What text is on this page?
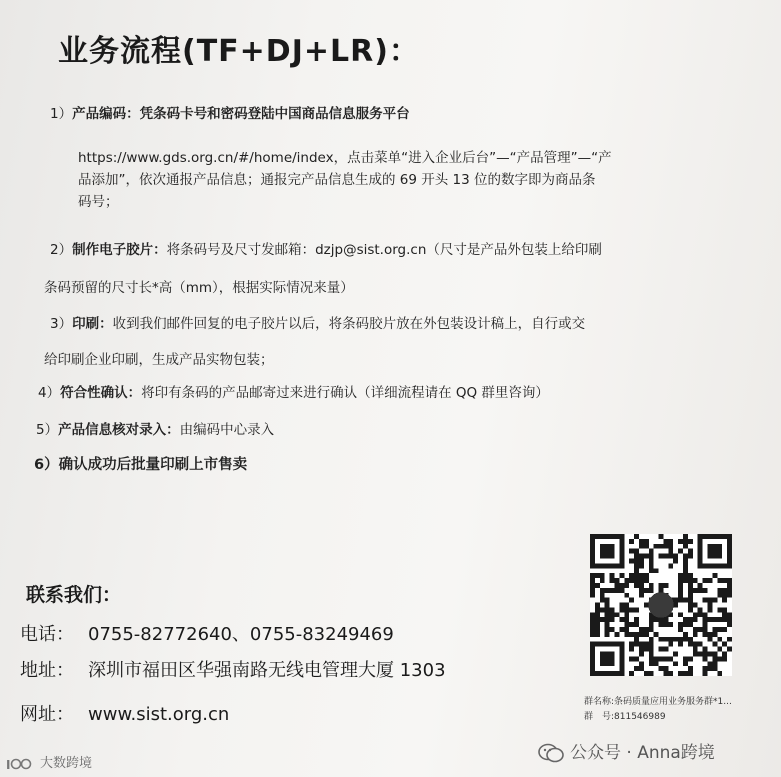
业务流程(TF+DJ+LR)：
1）产品编码：凭条码卡号和密码登陆中国商品信息服务平台
https://www.gds.org.cn/#/home/index，点击菜单“进入企业后台”—“产品管理”—“产
品添加”，依次通报产品信息；通报完产品信息生成的 69 开头 13 位的数字即为商品条
码号；
2）制作电子胶片：将条码号及尺寸发邮箱：dzjp@sist.org.cn（尺寸是产品外包装上给印刷
条码预留的尺寸长*高（mm），根据实际情况来量）
3）印刷：收到我们邮件回复的电子胶片以后，将条码胶片放在外包装设计稿上，自行或交
给印刷企业印刷，生成产品实物包装；
4）符合性确认：将印有条码的产品邮寄过来进行确认（详细流程请在 QQ 群里咨询）
5）产品信息核对录入：由编码中心录入
6）确认成功后批量印刷上市售卖
联系我们：
电话： 0755-82772640、0755-83249469
地址： 深圳市福田区华强南路无线电管理大厦 1303
网址： www.sist.org.cn
群名称:条码质量应用业务服务群*1...
群　号:811546989
公众号 · Anna跨境
I 大数跨境
